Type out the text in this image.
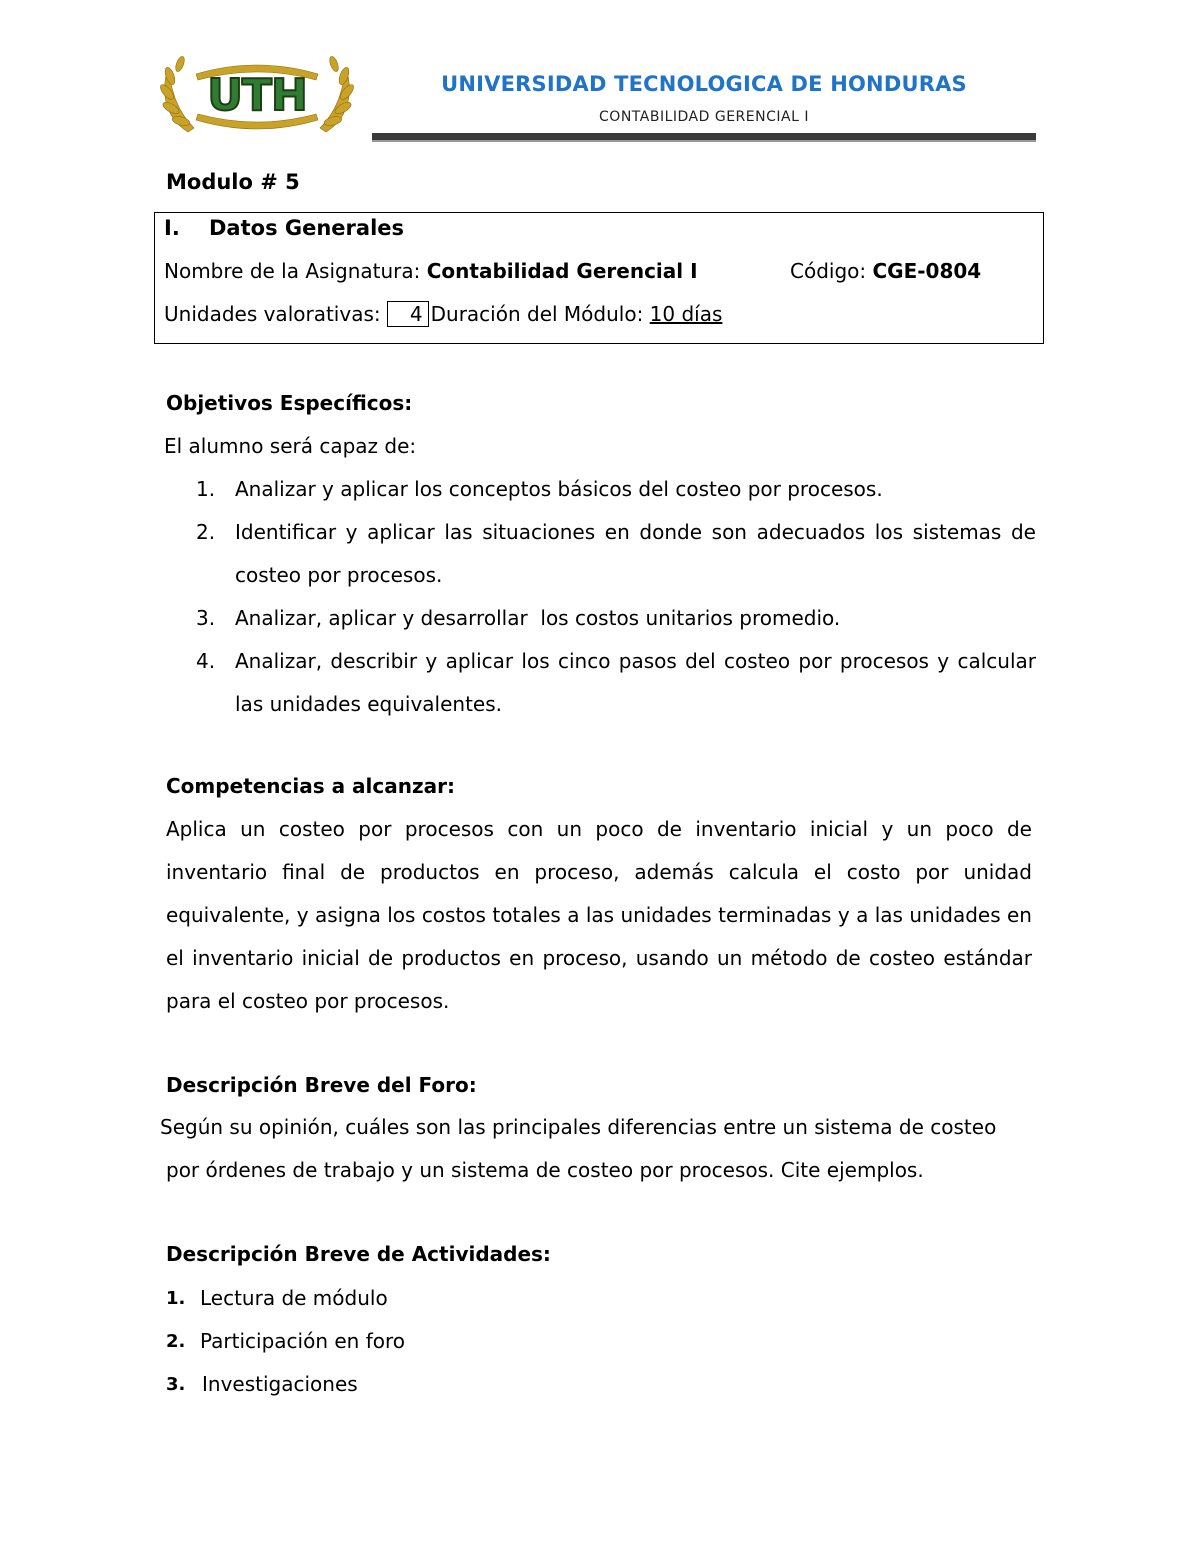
UTH	UNIVERSIDAD TECNOLOGICA DE HONDURAS
CONTABILIDAD GERENCIAL I
Modulo # 5
I. Datos Generales
Nombre de la Asignatura: Contabilidad Gerencial I	Código: CGE-0804
Unidades valorativas: 4 Duración del Módulo: 10 días
Objetivos Específicos:
El alumno será capaz de:
1. Analizar y aplicar los conceptos básicos del costeo por procesos.
2. Identificar y aplicar las situaciones en donde son adecuados los sistemas de costeo por procesos.
3. Analizar, aplicar y desarrollar  los costos unitarios promedio.
4. Analizar, describir y aplicar los cinco pasos del costeo por procesos y calcular las unidades equivalentes.
Competencias a alcanzar:
Aplica un costeo por procesos con un poco de inventario inicial y un poco de inventario final de productos en proceso, además calcula el costo por unidad equivalente, y asigna los costos totales a las unidades terminadas y a las unidades en el inventario inicial de productos en proceso, usando un método de costeo estándar para el costeo por procesos.
Descripción Breve del Foro:
Según su opinión, cuáles son las principales diferencias entre un sistema de costeo
por órdenes de trabajo y un sistema de costeo por procesos. Cite ejemplos.
Descripción Breve de Actividades:
1. Lectura de módulo
2. Participación en foro
3. Investigaciones
